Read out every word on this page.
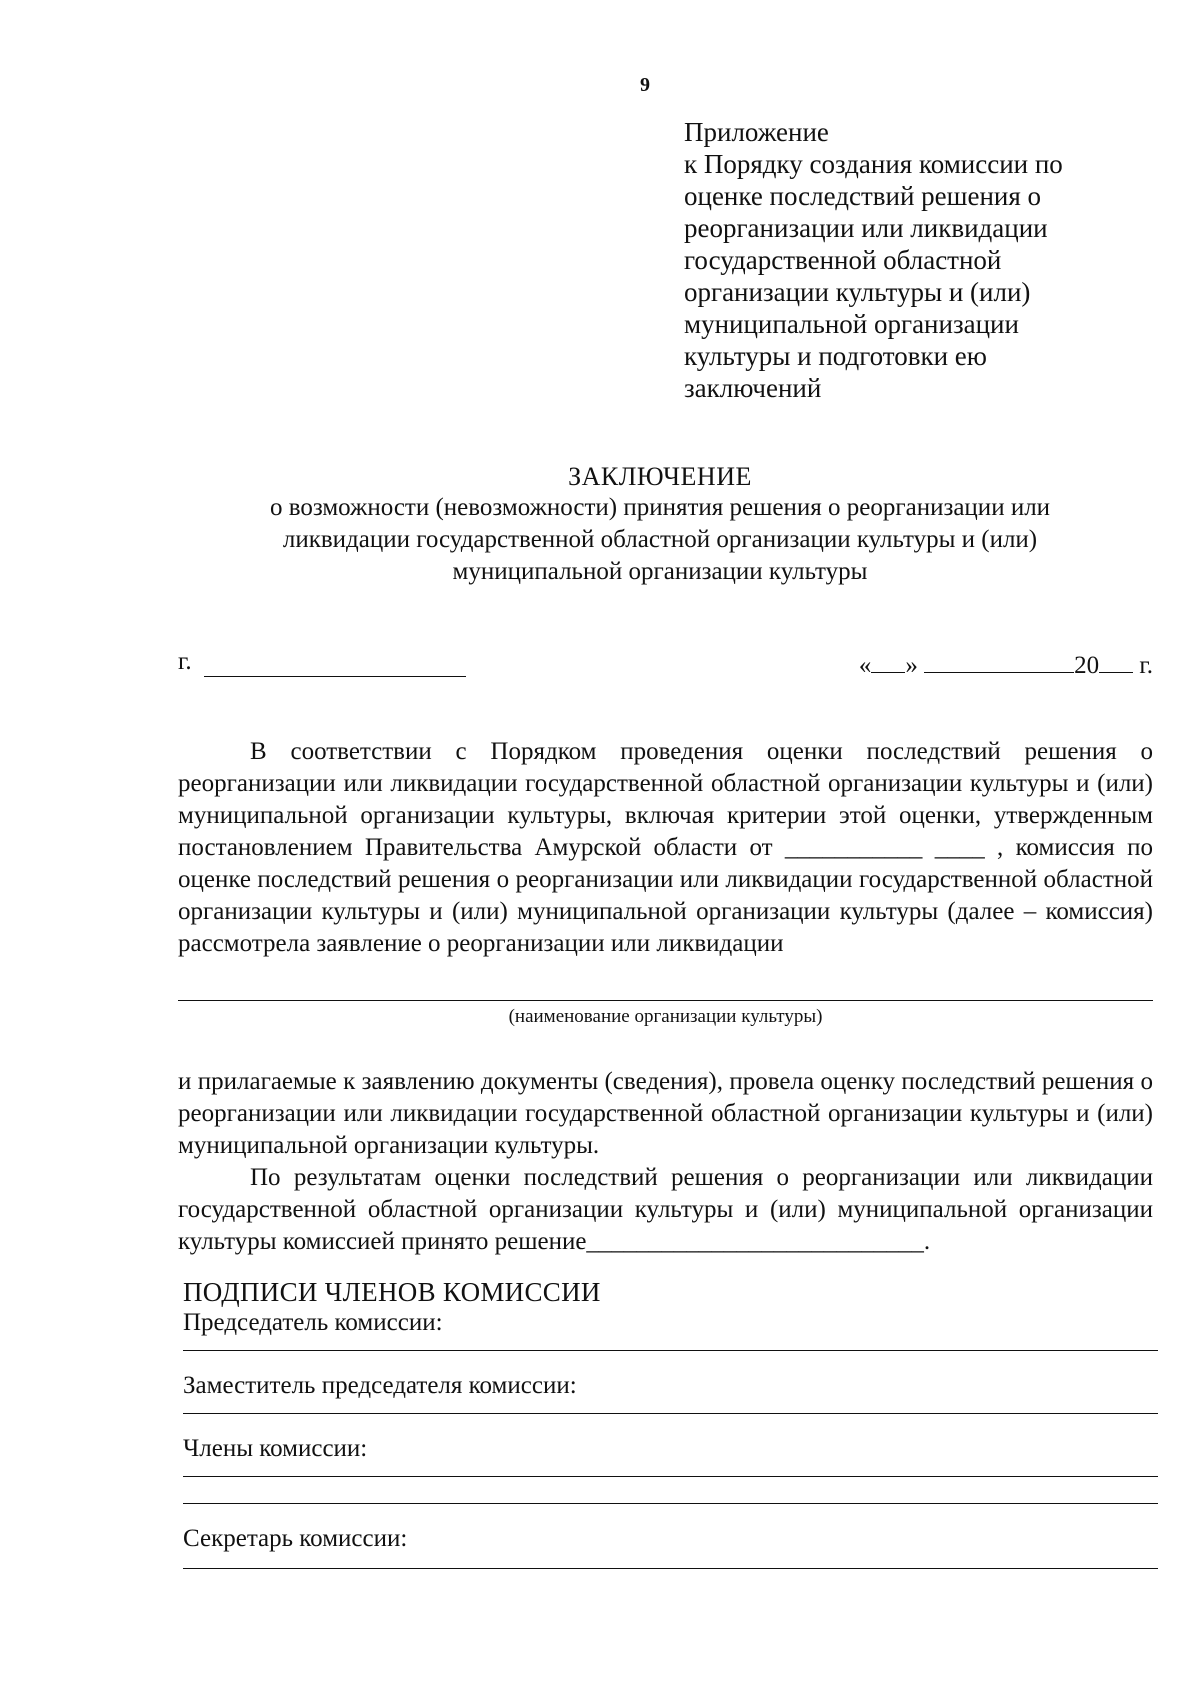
9
Приложение
к Порядку создания комиссии по
оценке последствий решения о
реорганизации или ликвидации
государственной областной
организации культуры и (или)
муниципальной организации
культуры и подготовки ею
заключений
ЗАКЛЮЧЕНИЕ
о возможности (невозможности) принятия решения о реорганизации или
ликвидации государственной областной организации культуры и (или)
муниципальной организации культуры
г.	« »	20 г.

В соответствии с Порядком проведения оценки последствий решения о реорганизации или ликвидации государственной областной организации культуры и (или) муниципальной организации культуры, включая критерии этой оценки, утвержденным постановлением Правительства Амурской области от ___________ ____ , комиссия по оценке последствий решения о реорганизации или ликвидации государственной областной организации культуры и (или) муниципальной организации культуры (далее – комиссия) рассмотрела заявление о реорганизации или ликвидации

(наименование организации культуры)

и прилагаемые к заявлению документы (сведения), провела оценку последствий решения о реорганизации или ликвидации государственной областной организации культуры и (или) муниципальной организации культуры.

По результатам оценки последствий решения о реорганизации или ликвидации государственной областной организации культуры и (или) муниципальной организации культуры комиссией принято решение___________________________.

ПОДПИСИ ЧЛЕНОВ КОМИССИИ
Председатель комиссии:
Заместитель председателя комиссии:
Члены комиссии:
Секретарь комиссии:
